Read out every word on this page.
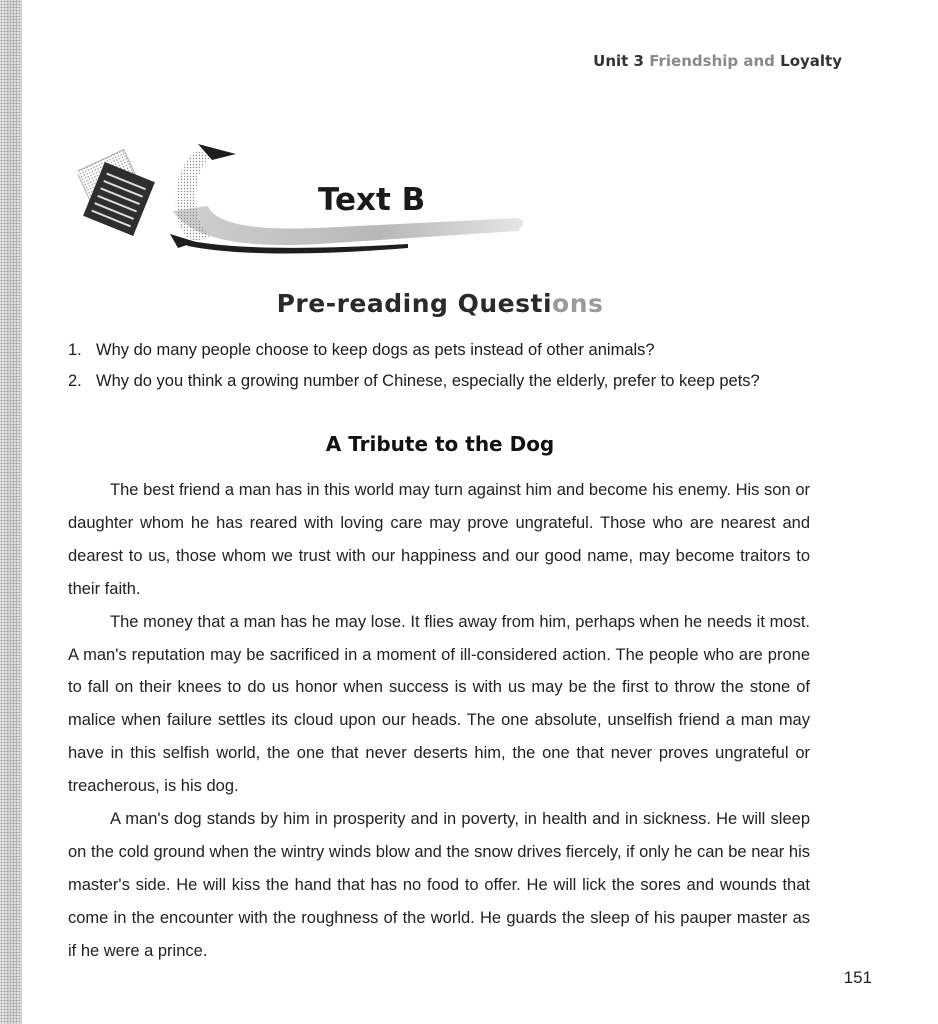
Unit 3 Friendship and Loyalty
Text B
Pre-reading Questions
1. Why do many people choose to keep dogs as pets instead of other animals?
2. Why do you think a growing number of Chinese, especially the elderly, prefer to keep pets?
A Tribute to the Dog

The best friend a man has in this world may turn against him and become his enemy. His son or daughter whom he has reared with loving care may prove ungrateful. Those who are nearest and dearest to us, those whom we trust with our happiness and our good name, may become traitors to their faith.

The money that a man has he may lose. It flies away from him, perhaps when he needs it most. A man's reputation may be sacrificed in a moment of ill-considered action. The people who are prone to fall on their knees to do us honor when success is with us may be the first to throw the stone of malice when failure settles its cloud upon our heads. The one absolute, unselfish friend a man may have in this selfish world, the one that never deserts him, the one that never proves ungrateful or treacherous, is his dog.

A man's dog stands by him in prosperity and in poverty, in health and in sickness. He will sleep on the cold ground when the wintry winds blow and the snow drives fiercely, if only he can be near his master's side. He will kiss the hand that has no food to offer. He will lick the sores and wounds that come in the encounter with the roughness of the world. He guards the sleep of his pauper master as if he were a prince.

151
